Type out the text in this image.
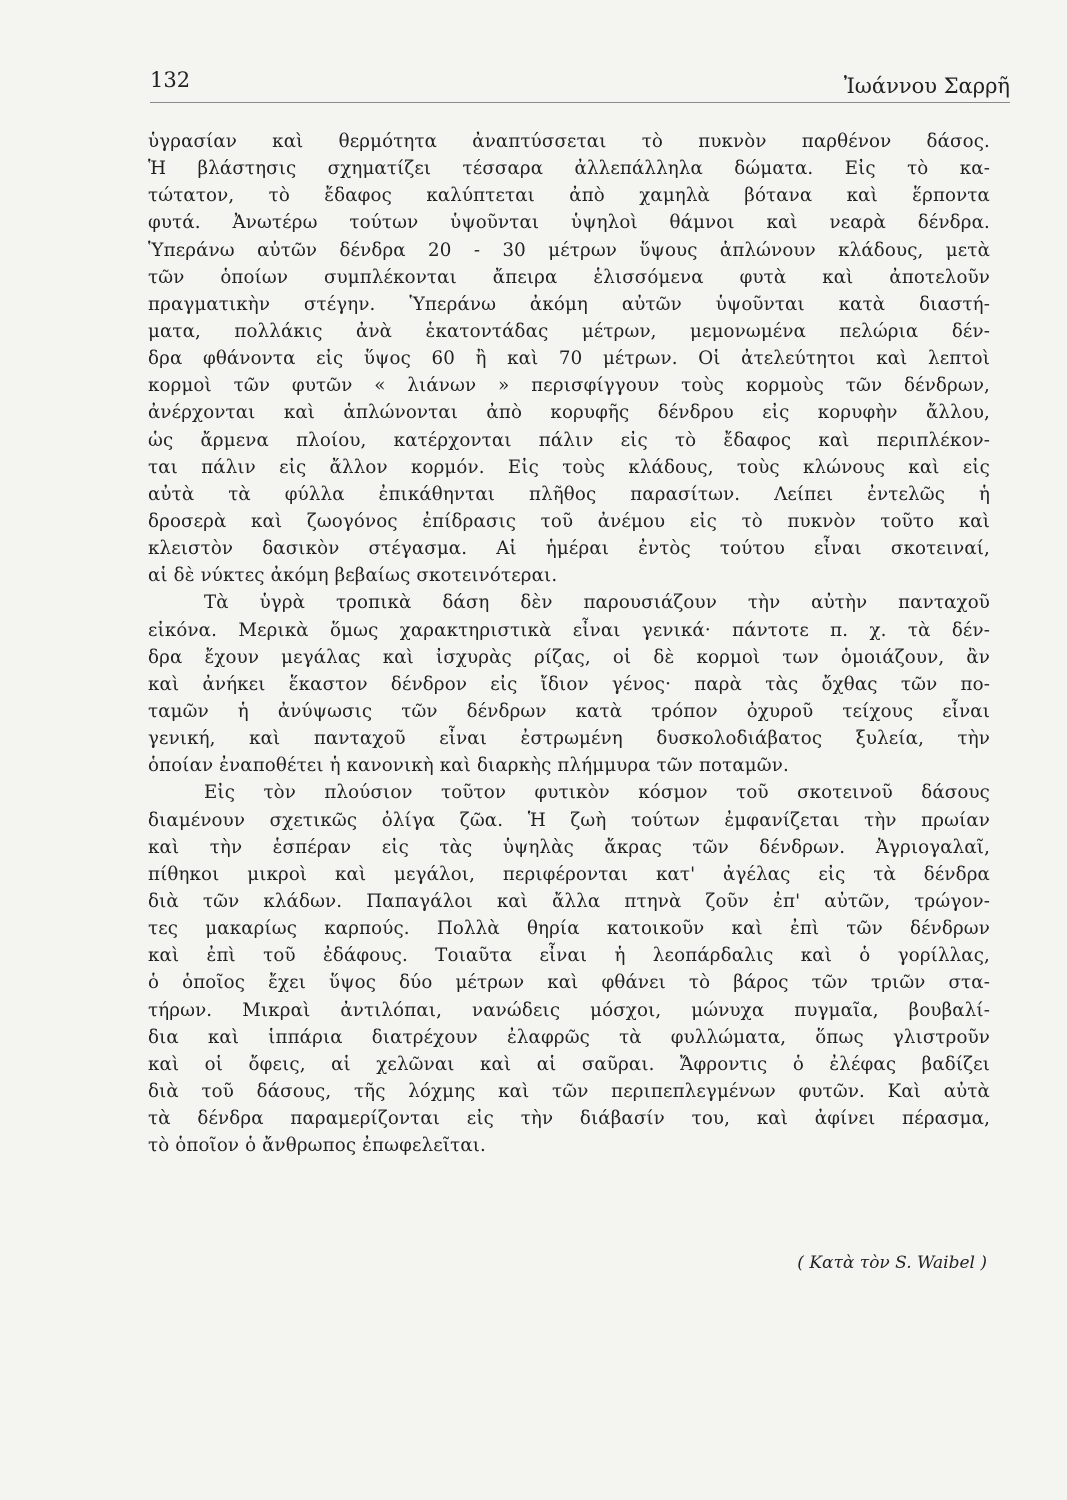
132	Ἰωάννου Σαρρῆ
ὑγρασίαν καὶ θερμότητα ἀναπτύσσεται τὸ πυκνὸν παρθένον δάσος.
Ἡ βλάστησις σχηματίζει τέσσαρα ἀλλεπάλληλα δώματα. Εἰς τὸ κα-
τώτατον, τὸ ἔδαφος καλύπτεται ἀπὸ χαμηλὰ βότανα καὶ ἕρποντα
φυτά. Ἀνωτέρω τούτων ὑψοῦνται ὑψηλοὶ θάμνοι καὶ νεαρὰ δένδρα.
Ὑπεράνω αὐτῶν δένδρα 20 - 30 μέτρων ὕψους ἁπλώνουν κλάδους, μετὰ
τῶν ὁποίων συμπλέκονται ἄπειρα ἑλισσόμενα φυτὰ καὶ ἀποτελοῦν
πραγματικὴν στέγην. Ὑπεράνω ἀκόμη αὐτῶν ὑψοῦνται κατὰ διαστή-
ματα, πολλάκις ἀνὰ ἑκατοντάδας μέτρων, μεμονωμένα πελώρια δέν-
δρα φθάνοντα εἰς ὕψος 60 ἢ καὶ 70 μέτρων. Οἱ ἀτελεύτητοι καὶ λεπτοὶ
κορμοὶ τῶν φυτῶν « λιάνων » περισφίγγουν τοὺς κορμοὺς τῶν δένδρων,
ἀνέρχονται καὶ ἁπλώνονται ἀπὸ κορυφῆς δένδρου εἰς κορυφὴν ἄλλου,
ὡς ἄρμενα πλοίου, κατέρχονται πάλιν εἰς τὸ ἔδαφος καὶ περιπλέκον-
ται πάλιν εἰς ἄλλον κορμόν. Εἰς τοὺς κλάδους, τοὺς κλώνους καὶ εἰς
αὐτὰ τὰ φύλλα ἐπικάθηνται πλῆθος παρασίτων. Λείπει ἐντελῶς ἡ
δροσερὰ καὶ ζωογόνος ἐπίδρασις τοῦ ἀνέμου εἰς τὸ πυκνὸν τοῦτο καὶ
κλειστὸν δασικὸν στέγασμα. Αἱ ἡμέραι ἐντὸς τούτου εἶναι σκοτειναί,
αἱ δὲ νύκτες ἀκόμη βεβαίως σκοτεινότεραι.
Τὰ ὑγρὰ τροπικὰ δάση δὲν παρουσιάζουν τὴν αὐτὴν πανταχοῦ
εἰκόνα. Μερικὰ ὅμως χαρακτηριστικὰ εἶναι γενικά· πάντοτε π. χ. τὰ δέν-
δρα ἔχουν μεγάλας καὶ ἰσχυρὰς ρίζας, οἱ δὲ κορμοὶ των ὁμοιάζουν, ἂν
καὶ ἀνήκει ἕκαστον δένδρον εἰς ἴδιον γένος· παρὰ τὰς ὄχθας τῶν πο-
ταμῶν ἡ ἀνύψωσις τῶν δένδρων κατὰ τρόπον ὀχυροῦ τείχους εἶναι
γενική, καὶ πανταχοῦ εἶναι ἐστρωμένη δυσκολοδιάβατος ξυλεία, τὴν
ὁποίαν ἐναποθέτει ἡ κανονικὴ καὶ διαρκὴς πλήμμυρα τῶν ποταμῶν.
Εἰς τὸν πλούσιον τοῦτον φυτικὸν κόσμον τοῦ σκοτεινοῦ δάσους
διαμένουν σχετικῶς ὀλίγα ζῶα. Ἡ ζωὴ τούτων ἐμφανίζεται τὴν πρωίαν
καὶ τὴν ἑσπέραν εἰς τὰς ὑψηλὰς ἄκρας τῶν δένδρων. Ἀγριογαλαῖ,
πίθηκοι μικροὶ καὶ μεγάλοι, περιφέρονται κατ' ἀγέλας εἰς τὰ δένδρα
διὰ τῶν κλάδων. Παπαγάλοι καὶ ἄλλα πτηνὰ ζοῦν ἐπ' αὐτῶν, τρώγον-
τες μακαρίως καρπούς. Πολλὰ θηρία κατοικοῦν καὶ ἐπὶ τῶν δένδρων
καὶ ἐπὶ τοῦ ἐδάφους. Τοιαῦτα εἶναι ἡ λεοπάρδαλις καὶ ὁ γορίλλας,
ὁ ὁποῖος ἔχει ὕψος δύο μέτρων καὶ φθάνει τὸ βάρος τῶν τριῶν στα-
τήρων. Μικραὶ ἀντιλόπαι, νανώδεις μόσχοι, μώνυχα πυγμαῖα, βουβαλί-
δια καὶ ἱππάρια διατρέχουν ἐλαφρῶς τὰ φυλλώματα, ὅπως γλιστροῦν
καὶ οἱ ὄφεις, αἱ χελῶναι καὶ αἱ σαῦραι. Ἄφροντις ὁ ἐλέφας βαδίζει
διὰ τοῦ δάσους, τῆς λόχμης καὶ τῶν περιπεπλεγμένων φυτῶν. Καὶ αὐτὰ
τὰ δένδρα παραμερίζονται εἰς τὴν διάβασίν του, καὶ ἀφίνει πέρασμα,
τὸ ὁποῖον ὁ ἄνθρωπος ἐπωφελεῖται.
( Κατὰ τὸν S. Waibel )
